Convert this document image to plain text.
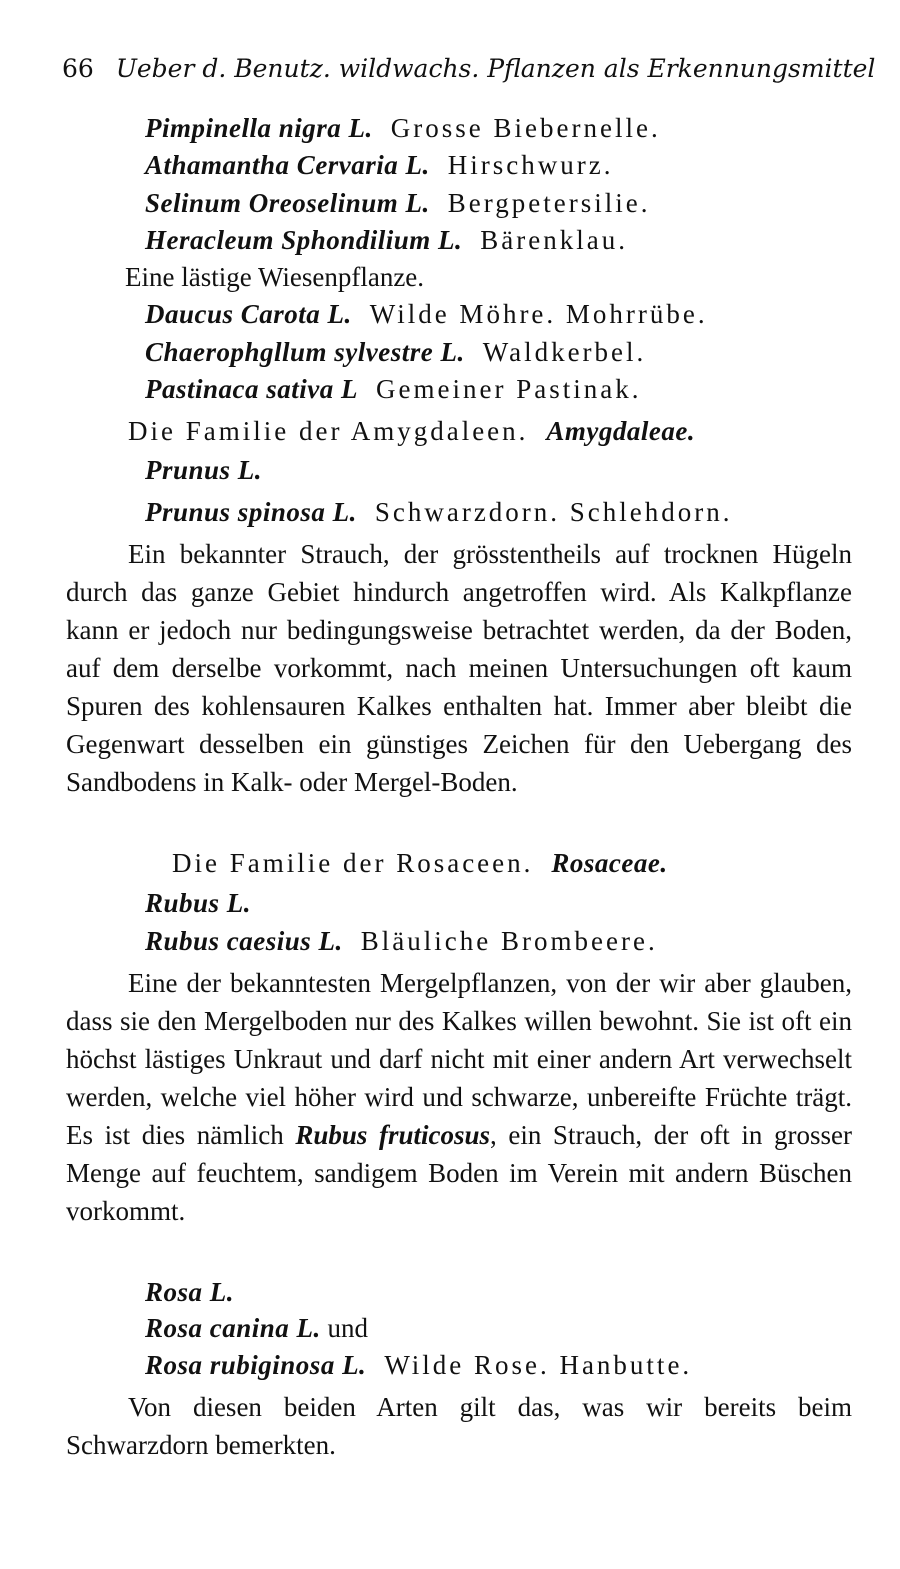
66 Ueber d. Benutz. wildwachs. Pflanzen als Erkennungsmittel
Pimpinella nigra L. Grosse Biebernelle.
Athamantha Cervaria L. Hirschwurz.
Selinum Oreoselinum L. Bergpetersilie.
Heracleum Sphondilium L. Bärenklau.
Eine lästige Wiesenpflanze.
Daucus Carota L. Wilde Möhre. Mohrrübe.
Chaerophgllum sylvestre L. Waldkerbel.
Pastinaca sativa L Gemeiner Pastinak.
Die Familie der Amygdaleen. Amygdaleae.
Prunus L.
Prunus spinosa L. Schwarzdorn. Schlehdorn.
Ein bekannter Strauch, der grösstentheils auf trocknen Hügeln durch das ganze Gebiet hindurch angetroffen wird. Als Kalkpflanze kann er jedoch nur bedingungsweise betrachtet werden, da der Boden, auf dem derselbe vorkommt, nach meinen Untersuchungen oft kaum Spuren des kohlensauren Kalkes enthalten hat. Immer aber bleibt die Gegenwart desselben ein günstiges Zeichen für den Uebergang des Sandbodens in Kalk- oder Mergel-Boden.
Die Familie der Rosaceen. Rosaceae.
Rubus L.
Rubus caesius L. Bläuliche Brombeere.
Eine der bekanntesten Mergelpflanzen, von der wir aber glauben, dass sie den Mergelboden nur des Kalkes willen bewohnt. Sie ist oft ein höchst lästiges Unkraut und darf nicht mit einer andern Art verwechselt werden, welche viel höher wird und schwarze, unbereifte Früchte trägt. Es ist dies nämlich Rubus fruticosus, ein Strauch, der oft in grosser Menge auf feuchtem, sandigem Boden im Verein mit andern Büschen vorkommt.
Rosa L.
Rosa canina L. und
Rosa rubiginosa L. Wilde Rose. Hanbutte.
Von diesen beiden Arten gilt das, was wir bereits beim Schwarzdorn bemerkten.
